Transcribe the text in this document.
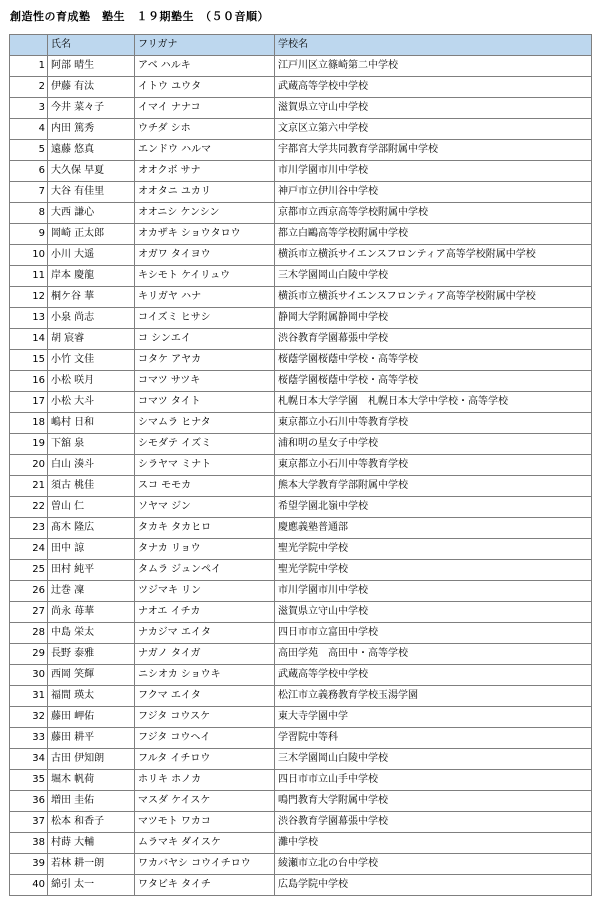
創造性の育成塾　塾生　１９期塾生　（５０音順）
	氏名	フリガナ	学校名
1	阿部 晴生	アベ ハルキ	江戸川区立篠崎第二中学校
2	伊藤 有汰	イトウ ユウタ	武蔵高等学校中学校
3	今井 菜々子	イマイ ナナコ	滋賀県立守山中学校
4	内田 篤秀	ウチダ シホ	文京区立第六中学校
5	遠藤 悠真	エンドウ ハルマ	宇都宮大学共同教育学部附属中学校
6	大久保 早夏	オオクボ サナ	市川学園市川中学校
7	大谷 有佳里	オオタニ ユカリ	神戸市立伊川谷中学校
8	大西 謙心	オオニシ ケンシン	京都市立西京高等学校附属中学校
9	岡崎 正太郎	オカザキ ショウタロウ	都立白鷗高等学校附属中学校
10	小川 大遥	オガワ タイヨウ	横浜市立横浜サイエンスフロンティア高等学校附属中学校
11	岸本 慶龍	キシモト ケイリュウ	三木学園岡山白陵中学校
12	桐ケ谷 華	キリガヤ ハナ	横浜市立横浜サイエンスフロンティア高等学校附属中学校
13	小泉 尚志	コイズミ ヒサシ	静岡大学附属静岡中学校
14	胡 宸睿	コ シンエイ	渋谷教育学園幕張中学校
15	小竹 文佳	コタケ アヤカ	桜蔭学園桜蔭中学校・高等学校
16	小松 咲月	コマツ サツキ	桜蔭学園桜蔭中学校・高等学校
17	小松 大斗	コマツ タイト	札幌日本大学学園　札幌日本大学中学校・高等学校
18	嶋村 日和	シマムラ ヒナタ	東京都立小石川中等教育学校
19	下舘 泉	シモダテ イズミ	浦和明の星女子中学校
20	白山 湊斗	シラヤマ ミナト	東京都立小石川中等教育学校
21	須古 桃佳	スコ モモカ	熊本大学教育学部附属中学校
22	曽山 仁	ソヤマ ジン	希望学園北嶺中学校
23	髙木 隆広	タカキ タカヒロ	慶應義塾普通部
24	田中 諒	タナカ リョウ	聖光学院中学校
25	田村 純平	タムラ ジュンペイ	聖光学院中学校
26	辻巻 凜	ツジマキ リン	市川学園市川中学校
27	尚永 苺華	ナオエ イチカ	滋賀県立守山中学校
28	中島 栄太	ナカジマ エイタ	四日市市立富田中学校
29	長野 泰雅	ナガノ タイガ	高田学苑　高田中・高等学校
30	西岡 笑輝	ニシオカ ショウキ	武蔵高等学校中学校
31	福間 瑛太	フクマ エイタ	松江市立義務教育学校玉湯学園
32	藤田 岬佑	フジタ コウスケ	東大寺学園中学
33	藤田 耕平	フジタ コウヘイ	学習院中等科
34	古田 伊知朗	フルタ イチロウ	三木学園岡山白陵中学校
35	堀木 帆荷	ホリキ ホノカ	四日市市立山手中学校
36	増田 圭佑	マスダ ケイスケ	鳴門教育大学附属中学校
37	松本 和香子	マツモト ワカコ	渋谷教育学園幕張中学校
38	村蒔 大輔	ムラマキ ダイスケ	灘中学校
39	若林 耕一朗	ワカバヤシ コウイチロウ	綾瀬市立北の台中学校
40	綿引 太一	ワタビキ タイチ	広島学院中学校
